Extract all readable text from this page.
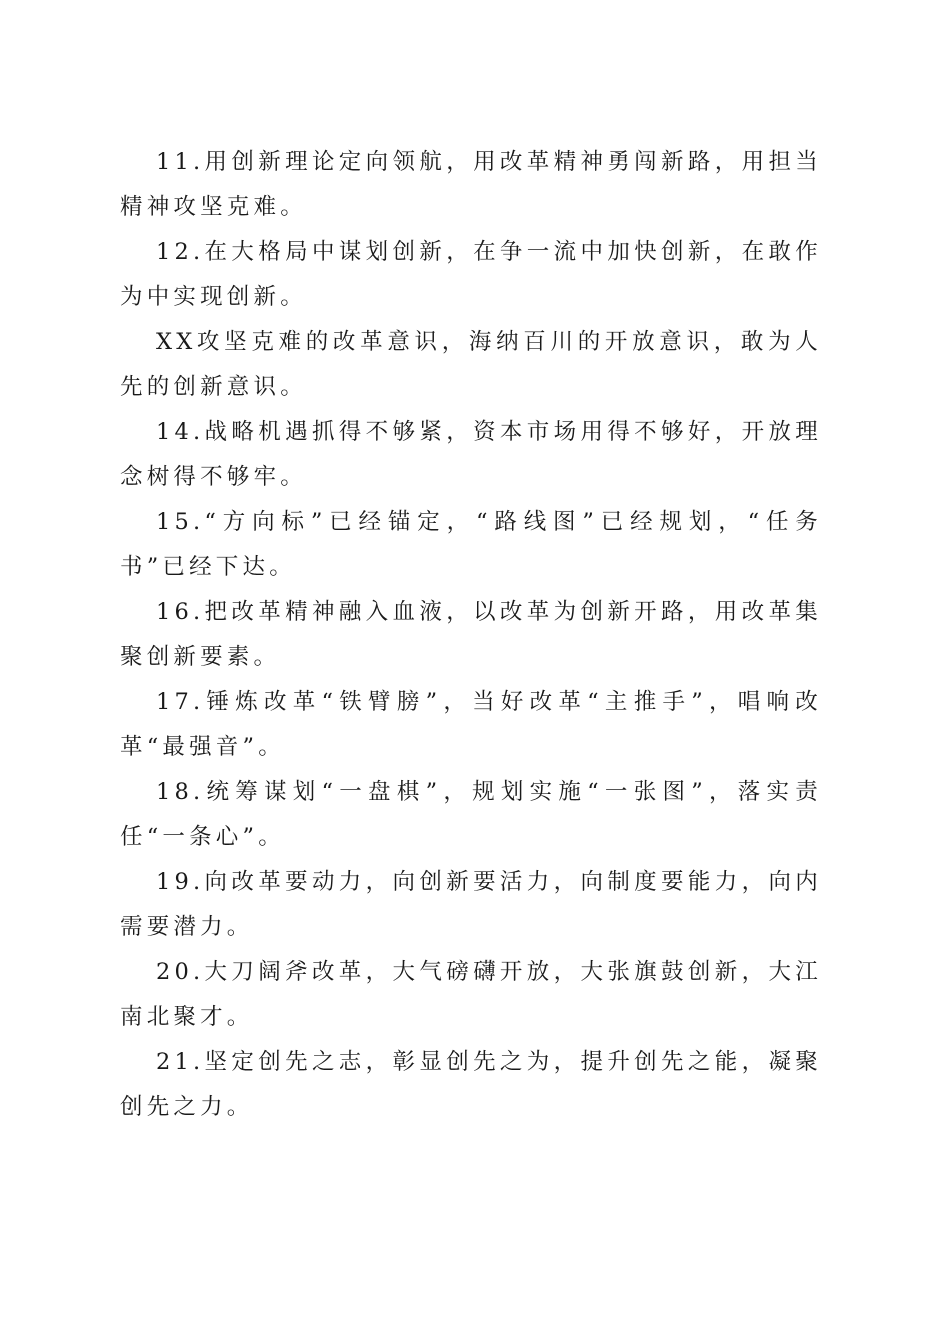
11.用创新理论定向领航，用改革精神勇闯新路，用担当精神攻坚克难。

12.在大格局中谋划创新，在争一流中加快创新，在敢作为中实现创新。

XX攻坚克难的改革意识，海纳百川的开放意识，敢为人先的创新意识。

14.战略机遇抓得不够紧，资本市场用得不够好，开放理念树得不够牢。

15.“方向标”已经锚定，“路线图”已经规划，“任务书”已经下达。

16.把改革精神融入血液，以改革为创新开路，用改革集聚创新要素。

17.锤炼改革“铁臂膀”，当好改革“主推手”，唱响改革“最强音”。

18.统筹谋划“一盘棋”，规划实施“一张图”，落实责任“一条心”。

19.向改革要动力，向创新要活力，向制度要能力，向内需要潜力。

20.大刀阔斧改革，大气磅礴开放，大张旗鼓创新，大江南北聚才。

21.坚定创先之志，彰显创先之为，提升创先之能，凝聚创先之力。
